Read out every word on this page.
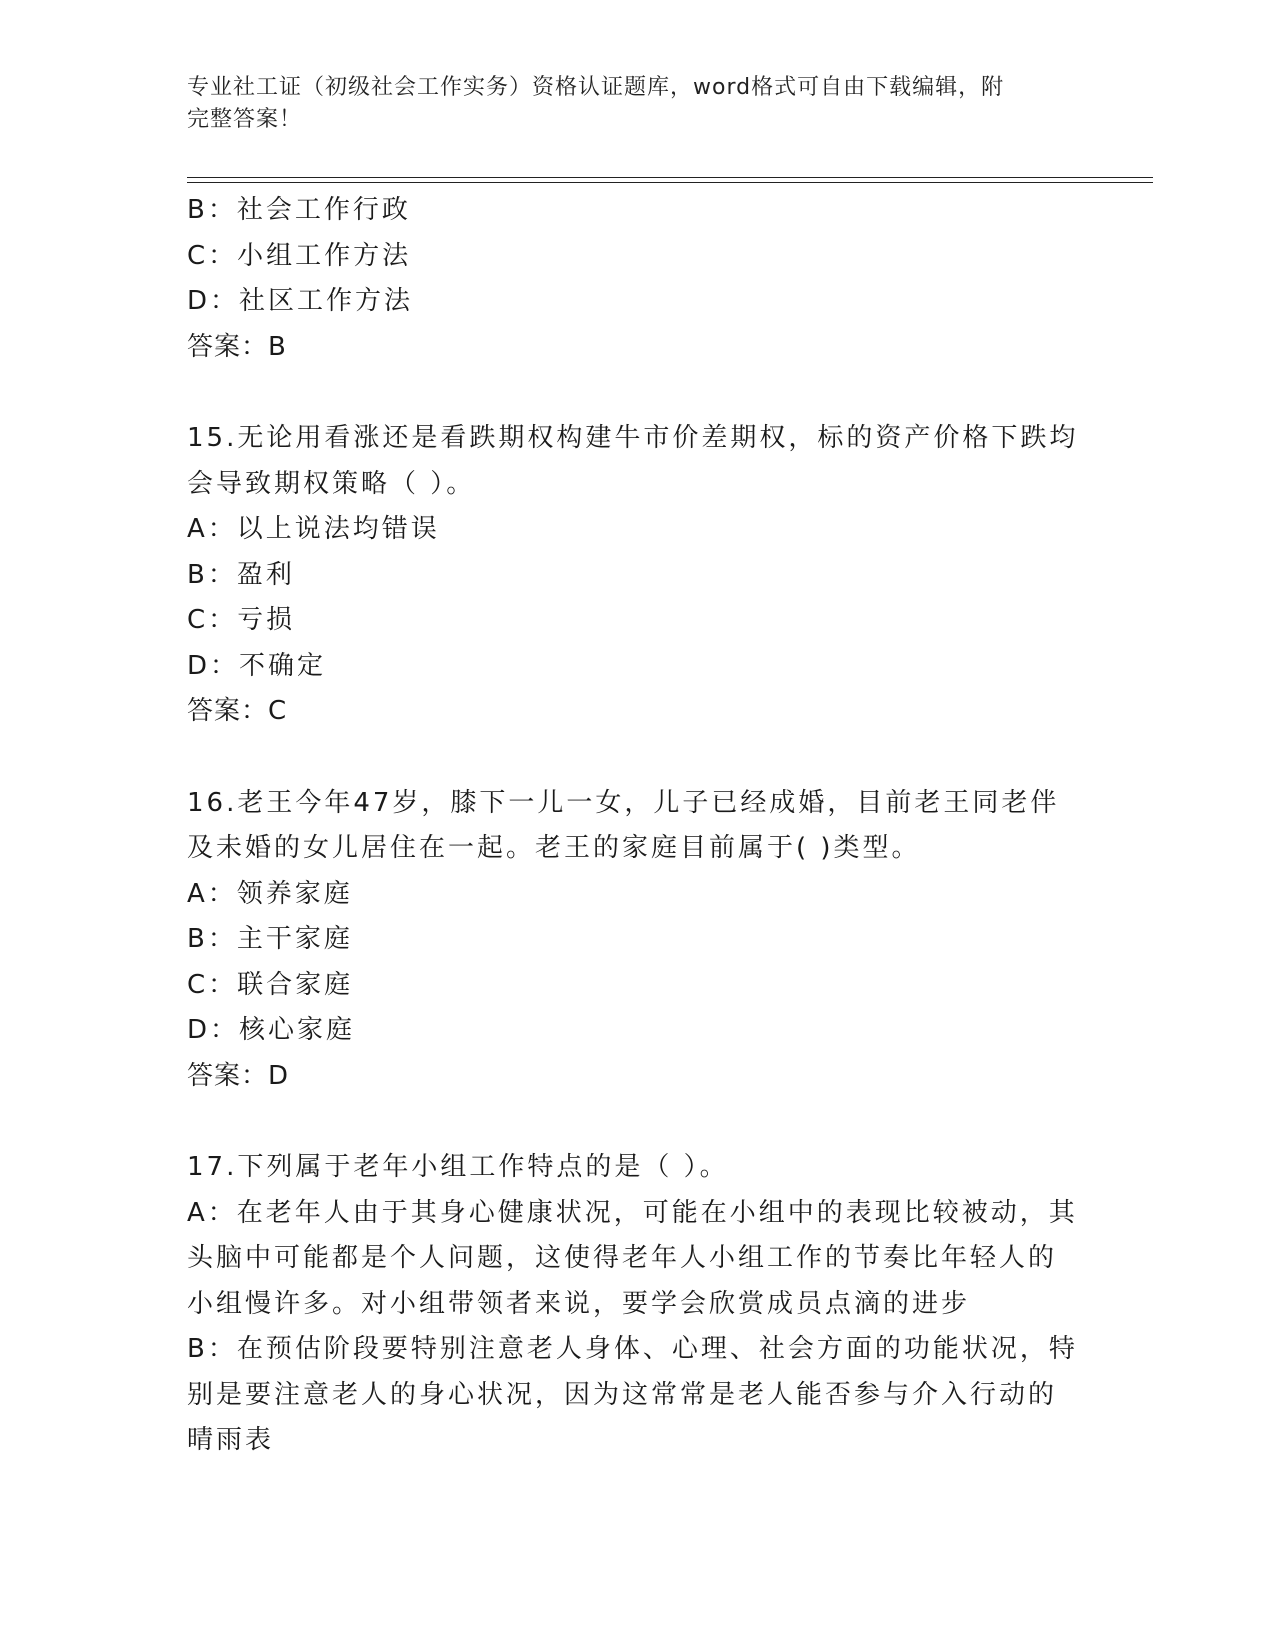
专业社工证（初级社会工作实务）资格认证题库，word格式可自由下载编辑，附
完整答案！
B：社会工作行政
C：小组工作方法
D：社区工作方法
答案：B
15.无论用看涨还是看跌期权构建牛市价差期权，标的资产价格下跌均
会导致期权策略（ ）。
A：以上说法均错误
B：盈利
C：亏损
D：不确定
答案：C
16.老王今年47岁，膝下一儿一女，儿子已经成婚，目前老王同老伴
及未婚的女儿居住在一起。老王的家庭目前属于( )类型。
A：领养家庭
B：主干家庭
C：联合家庭
D：核心家庭
答案：D
17.下列属于老年小组工作特点的是（ ）。
A：在老年人由于其身心健康状况，可能在小组中的表现比较被动，其
头脑中可能都是个人问题，这使得老年人小组工作的节奏比年轻人的
小组慢许多。对小组带领者来说，要学会欣赏成员点滴的进步
B：在预估阶段要特别注意老人身体、心理、社会方面的功能状况，特
别是要注意老人的身心状况，因为这常常是老人能否参与介入行动的
晴雨表
